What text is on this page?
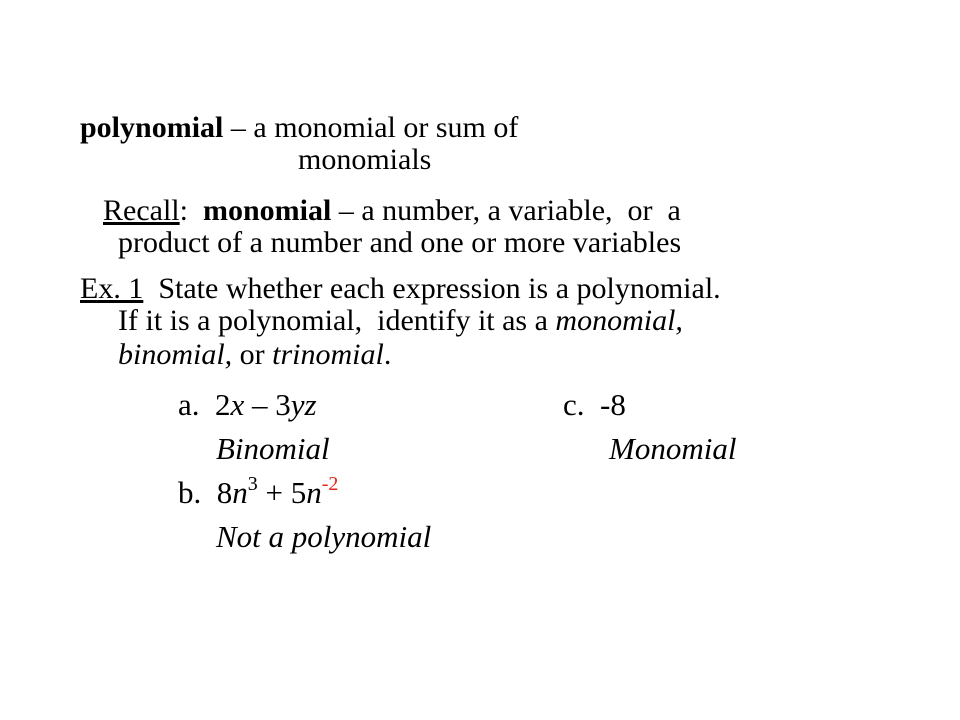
polynomial – a monomial or sum of
monomials
Recall:  monomial – a number, a variable,  or  a
product of a number and one or more variables
Ex. 1  State whether each expression is a polynomial.
If it is a polynomial,  identify it as a monomial,
binomial, or trinomial.
a.  2x – 3yz
Binomial
c.  -8
Monomial
b.  $8n^3 + 5n^{-2}$
Not a polynomial
